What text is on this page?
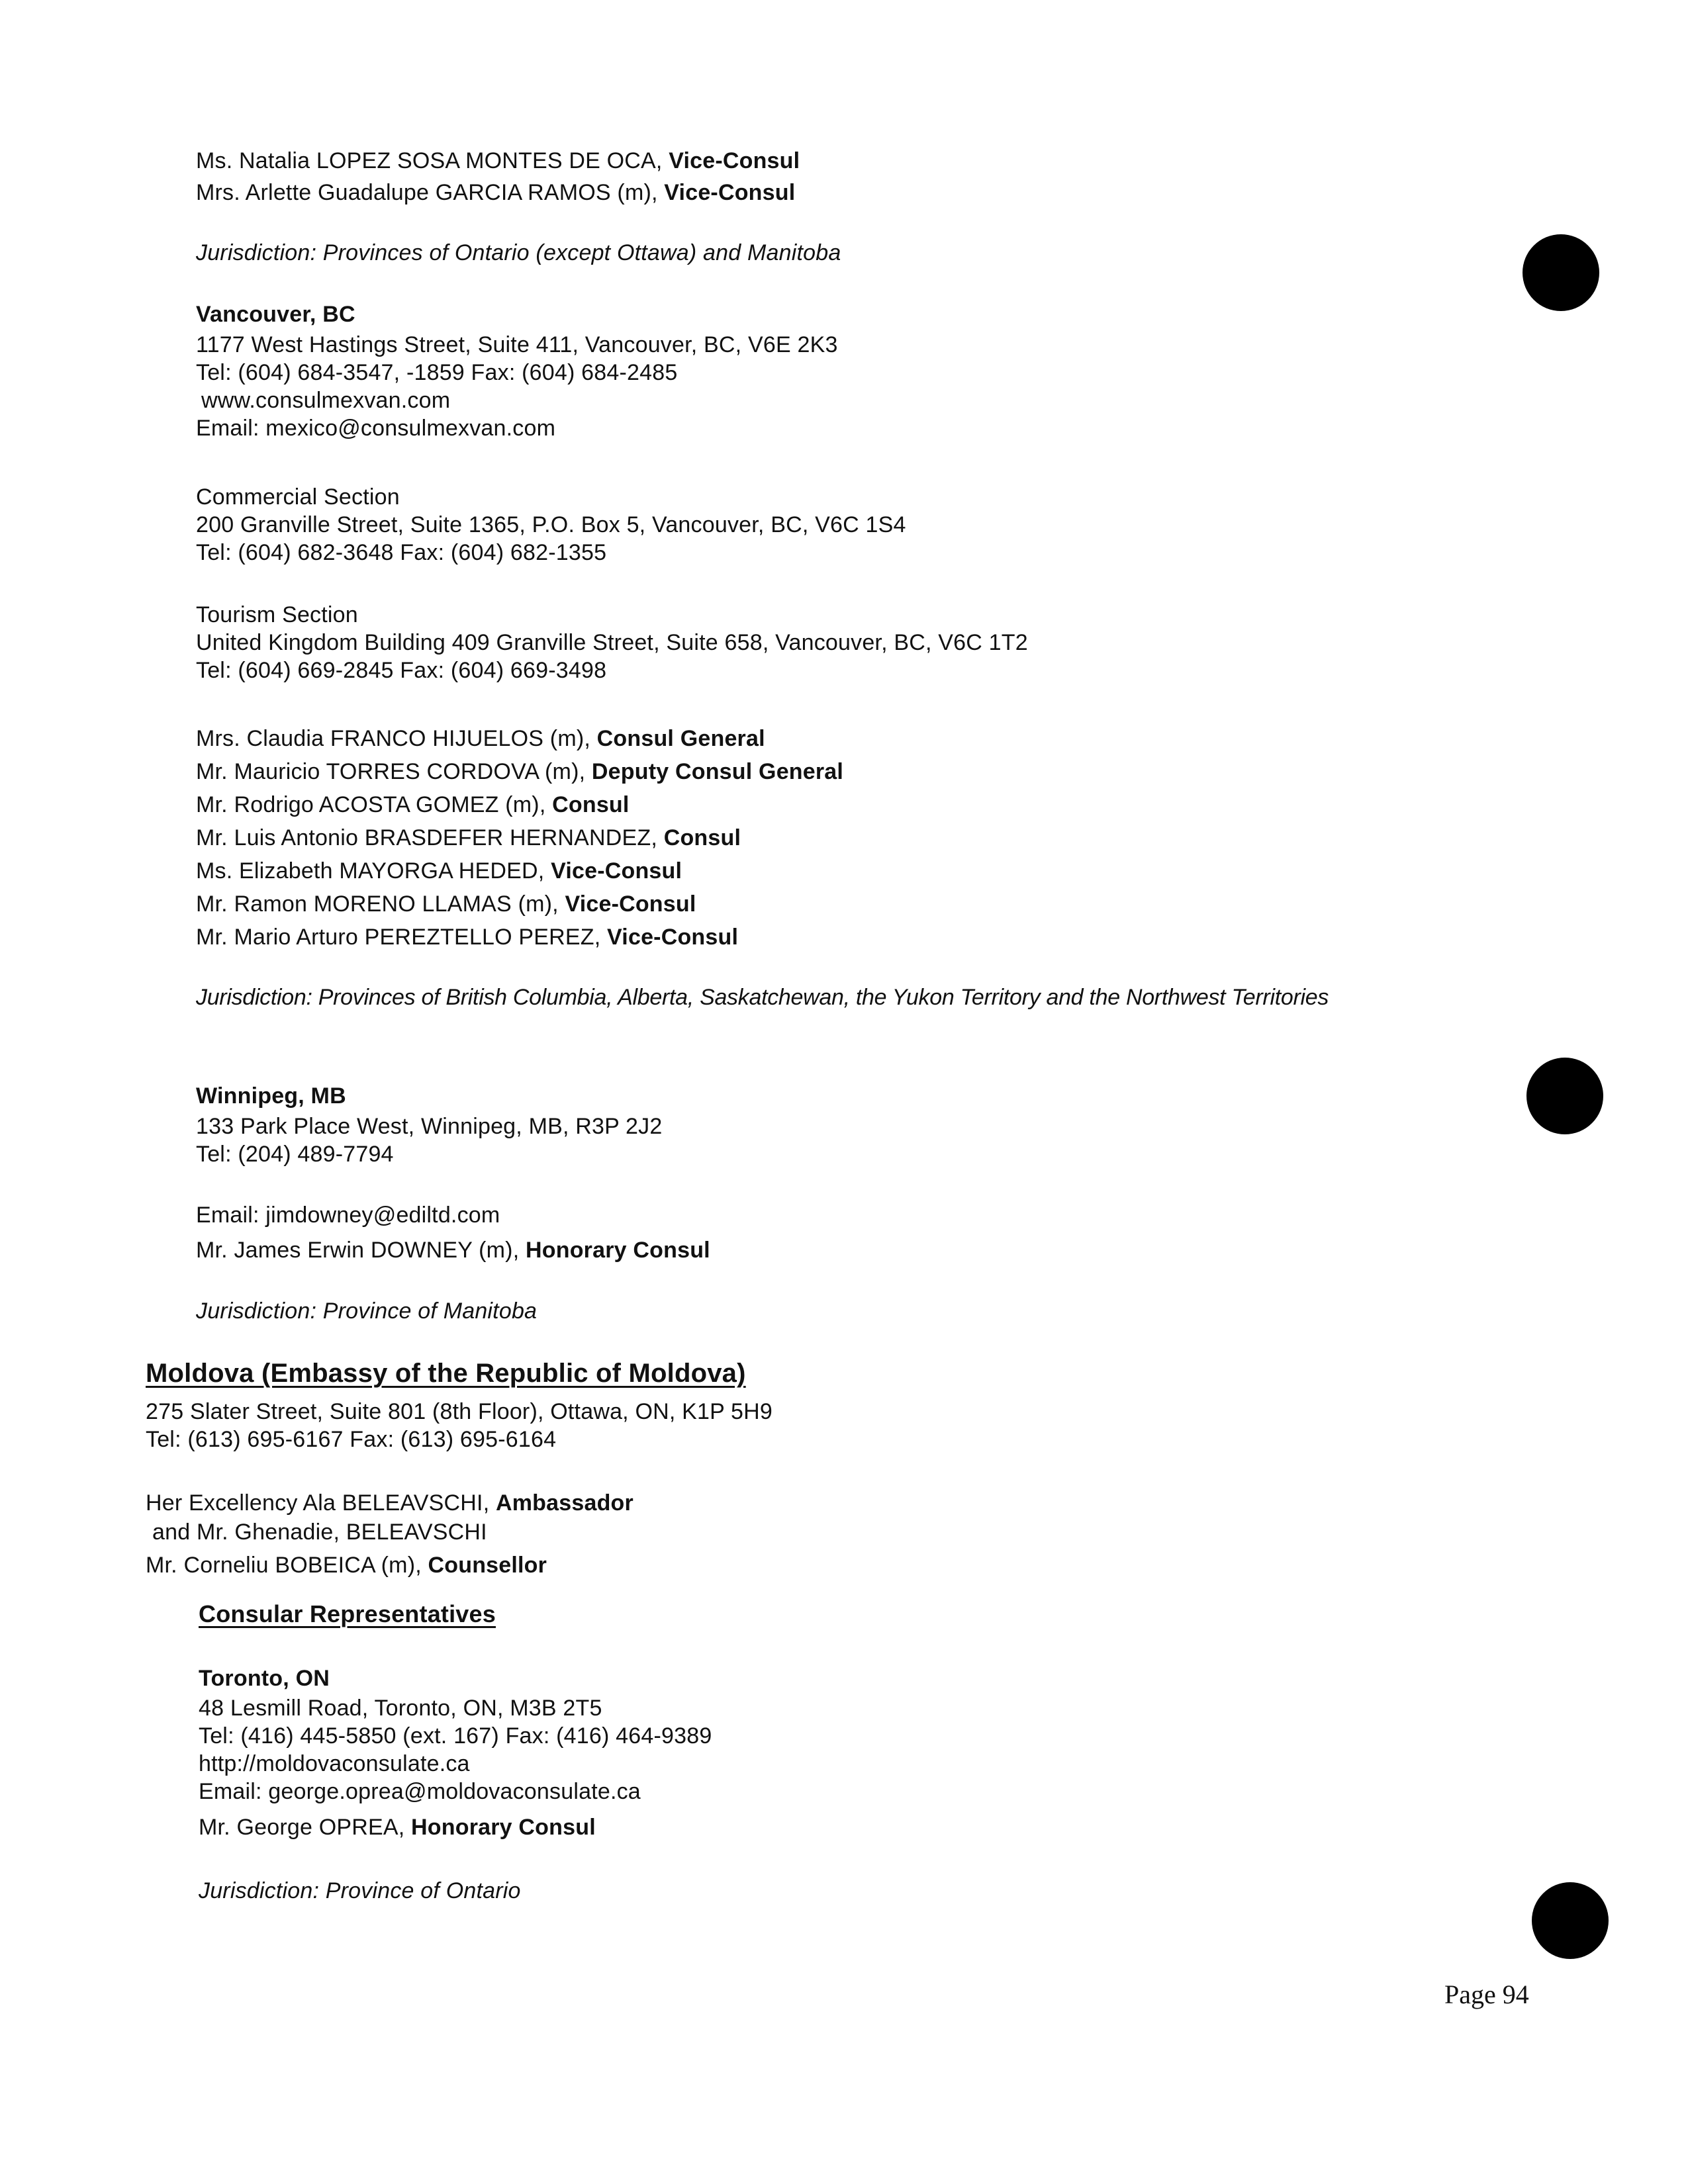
Ms. Natalia LOPEZ SOSA MONTES DE OCA, Vice-Consul
Mrs. Arlette Guadalupe GARCIA RAMOS (m), Vice-Consul
Jurisdiction: Provinces of Ontario (except Ottawa) and Manitoba
Vancouver, BC
1177 West Hastings Street, Suite 411, Vancouver, BC, V6E 2K3
Tel: (604) 684-3547, -1859 Fax: (604) 684-2485
www.consulmexvan.com
Email: mexico@consulmexvan.com
Commercial Section
200 Granville Street, Suite 1365, P.O. Box 5, Vancouver, BC, V6C 1S4
Tel: (604) 682-3648 Fax: (604) 682-1355
Tourism Section
United Kingdom Building 409 Granville Street, Suite 658, Vancouver, BC, V6C 1T2
Tel: (604) 669-2845 Fax: (604) 669-3498
Mrs. Claudia FRANCO HIJUELOS (m), Consul General
Mr. Mauricio TORRES CORDOVA (m), Deputy Consul General
Mr. Rodrigo ACOSTA GOMEZ (m), Consul
Mr. Luis Antonio BRASDEFER HERNANDEZ, Consul
Ms. Elizabeth MAYORGA HEDED, Vice-Consul
Mr. Ramon MORENO LLAMAS (m), Vice-Consul
Mr. Mario Arturo PEREZTELLO PEREZ, Vice-Consul
Jurisdiction: Provinces of British Columbia, Alberta, Saskatchewan, the Yukon Territory and the Northwest Territories
Winnipeg, MB
133 Park Place West, Winnipeg, MB, R3P 2J2
Tel: (204) 489-7794
Email: jimdowney@ediltd.com
Mr. James Erwin DOWNEY (m), Honorary Consul
Jurisdiction: Province of Manitoba
Moldova (Embassy of the Republic of Moldova)
275 Slater Street, Suite 801 (8th Floor), Ottawa, ON, K1P 5H9
Tel: (613) 695-6167 Fax: (613) 695-6164
Her Excellency Ala BELEAVSCHI, Ambassador
and Mr. Ghenadie, BELEAVSCHI
Mr. Corneliu BOBEICA (m), Counsellor
Consular Representatives
Toronto, ON
48 Lesmill Road, Toronto, ON, M3B 2T5
Tel: (416) 445-5850 (ext. 167) Fax: (416) 464-9389
http://moldovaconsulate.ca
Email: george.oprea@moldovaconsulate.ca
Mr. George OPREA, Honorary Consul
Jurisdiction: Province of Ontario
Page 94
